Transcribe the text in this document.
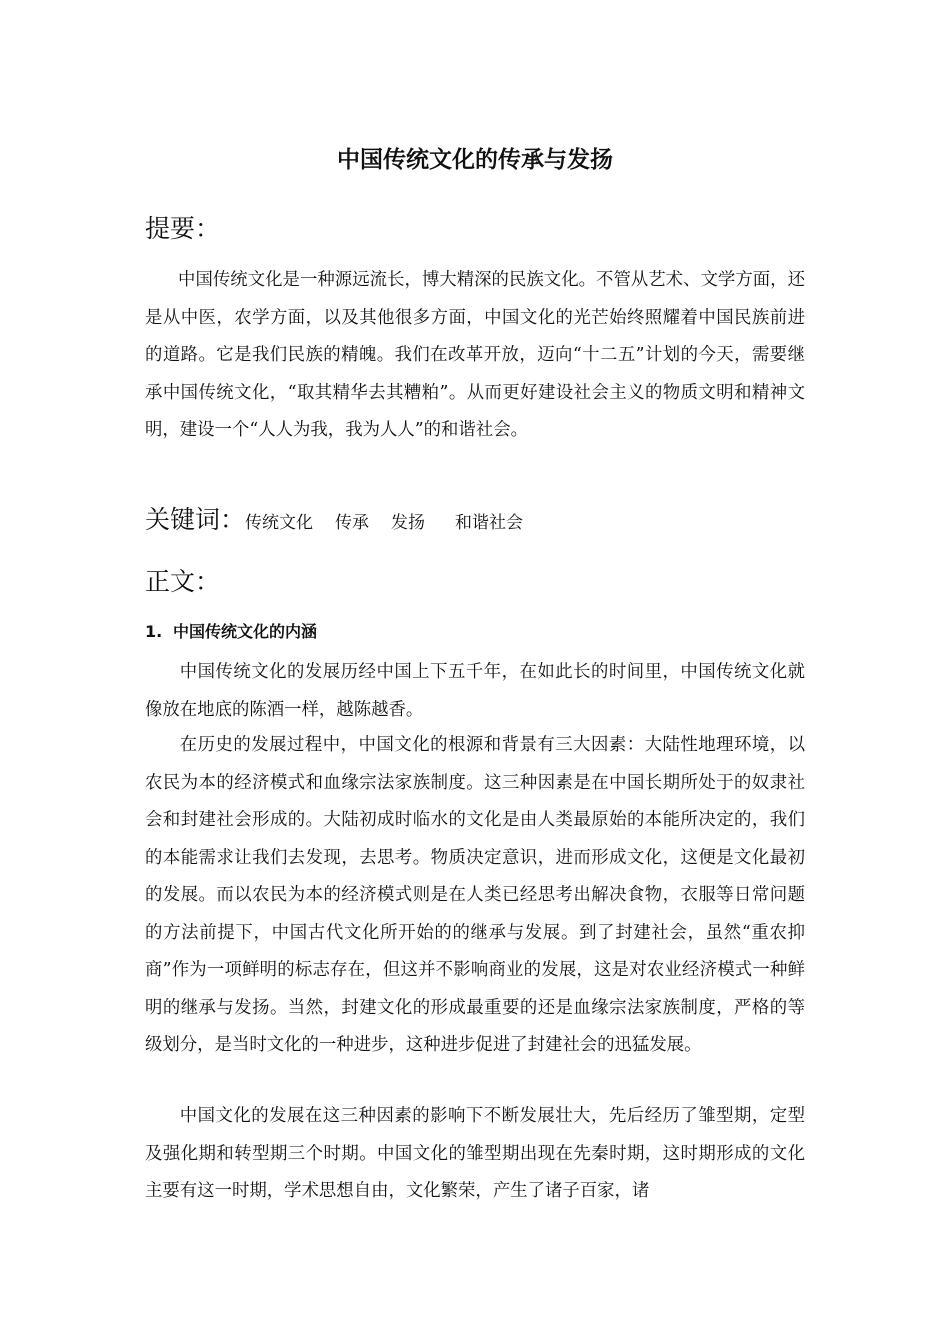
中国传统文化的传承与发扬
提要：

中国传统文化是一种源远流长，博大精深的民族文化。不管从艺术、文学方面，还是从中医，农学方面，以及其他很多方面，中国文化的光芒始终照耀着中国民族前进的道路。它是我们民族的精魄。我们在改革开放，迈向“十二五”计划的今天，需要继承中国传统文化，“取其精华去其糟粕”。从而更好建设社会主义的物质文明和精神文明，建设一个“人人为我，我为人人”的和谐社会。

关键词：传统文化 传承 发扬 和谐社会
正文：
1. 中国传统文化的内涵

中国传统文化的发展历经中国上下五千年，在如此长的时间里，中国传统文化就像放在地底的陈酒一样，越陈越香。

在历史的发展过程中，中国文化的根源和背景有三大因素：大陆性地理环境，以农民为本的经济模式和血缘宗法家族制度。这三种因素是在中国长期所处于的奴隶社会和封建社会形成的。大陆初成时临水的文化是由人类最原始的本能所决定的，我们的本能需求让我们去发现，去思考。物质决定意识，进而形成文化，这便是文化最初的发展。而以农民为本的经济模式则是在人类已经思考出解决食物，衣服等日常问题的方法前提下，中国古代文化所开始的的继承与发展。到了封建社会，虽然“重农抑商”作为一项鲜明的标志存在，但这并不影响商业的发展，这是对农业经济模式一种鲜明的继承与发扬。当然，封建文化的形成最重要的还是血缘宗法家族制度，严格的等级划分，是当时文化的一种进步，这种进步促进了封建社会的迅猛发展。

中国文化的发展在这三种因素的影响下不断发展壮大，先后经历了雏型期，定型及强化期和转型期三个时期。中国文化的雏型期出现在先秦时期，这时期形成的文化主要有这一时期，学术思想自由，文化繁荣，产生了诸子百家，诸
